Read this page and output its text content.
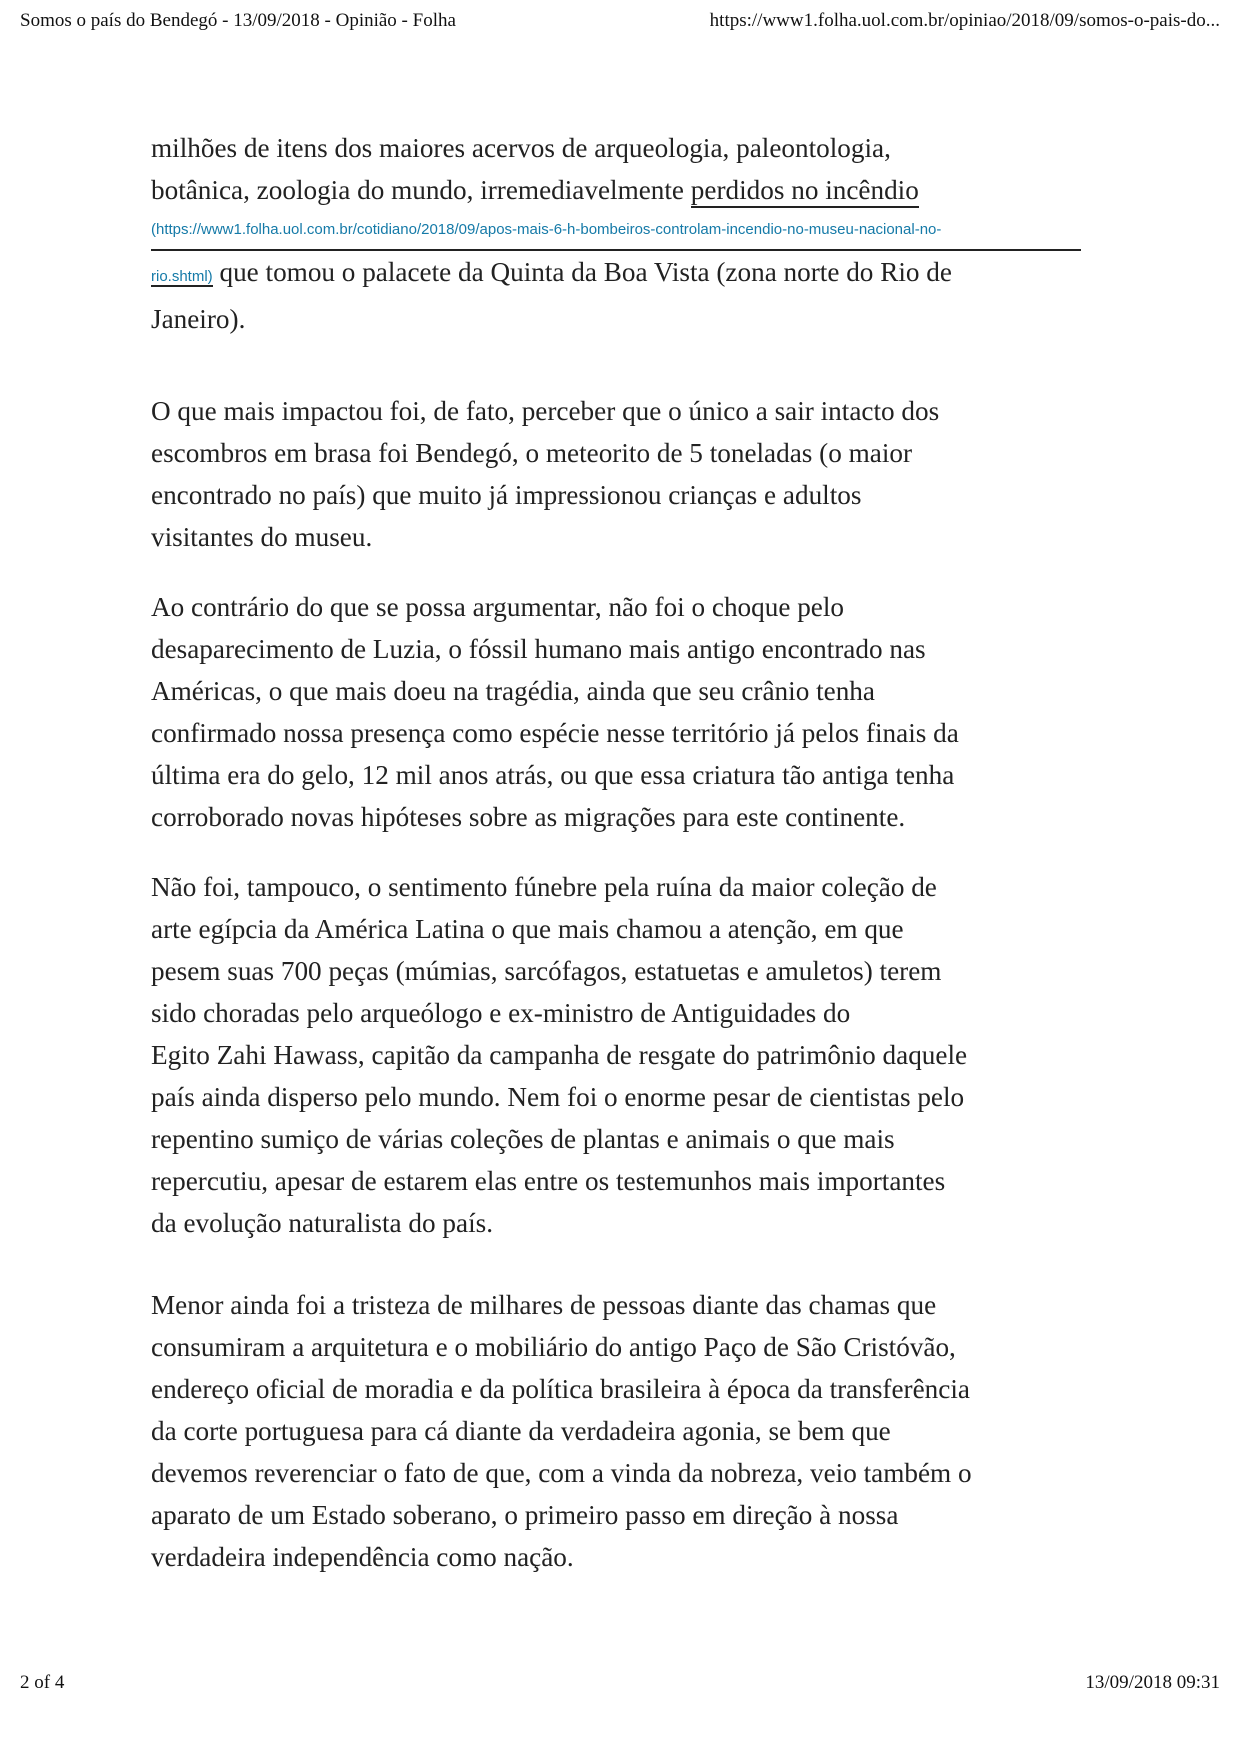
Somos o país do Bendegó - 13/09/2018 - Opinião - Folha	https://www1.folha.uol.com.br/opiniao/2018/09/somos-o-pais-do...
milhões de itens dos maiores acervos de arqueologia, paleontologia,
botânica, zoologia do mundo, irremediavelmente perdidos no incêndio
(https://www1.folha.uol.com.br/cotidiano/2018/09/apos-mais-6-h-bombeiros-controlam-incendio-no-museu-nacional-no-
rio.shtml) que tomou o palacete da Quinta da Boa Vista (zona norte do Rio de
Janeiro).
O que mais impactou foi, de fato, perceber que o único a sair intacto dos
escombros em brasa foi Bendegó, o meteorito de 5 toneladas (o maior
encontrado no país) que muito já impressionou crianças e adultos
visitantes do museu.
Ao contrário do que se possa argumentar, não foi o choque pelo
desaparecimento de Luzia, o fóssil humano mais antigo encontrado nas
Américas, o que mais doeu na tragédia, ainda que seu crânio tenha
confirmado nossa presença como espécie nesse território já pelos finais da
última era do gelo, 12 mil anos atrás, ou que essa criatura tão antiga tenha
corroborado novas hipóteses sobre as migrações para este continente.
Não foi, tampouco, o sentimento fúnebre pela ruína da maior coleção de
arte egípcia da América Latina o que mais chamou a atenção, em que
pesem suas 700 peças (múmias, sarcófagos, estatuetas e amuletos) terem
sido choradas pelo arqueólogo e ex-ministro de Antiguidades do
Egito Zahi Hawass, capitão da campanha de resgate do patrimônio daquele
país ainda disperso pelo mundo. Nem foi o enorme pesar de cientistas pelo
repentino sumiço de várias coleções de plantas e animais o que mais
repercutiu, apesar de estarem elas entre os testemunhos mais importantes
da evolução naturalista do país.
Menor ainda foi a tristeza de milhares de pessoas diante das chamas que
consumiram a arquitetura e o mobiliário do antigo Paço de São Cristóvão,
endereço oficial de moradia e da política brasileira à época da transferência
da corte portuguesa para cá diante da verdadeira agonia, se bem que
devemos reverenciar o fato de que, com a vinda da nobreza, veio também o
aparato de um Estado soberano, o primeiro passo em direção à nossa
verdadeira independência como nação.
2 of 4	13/09/2018 09:31
